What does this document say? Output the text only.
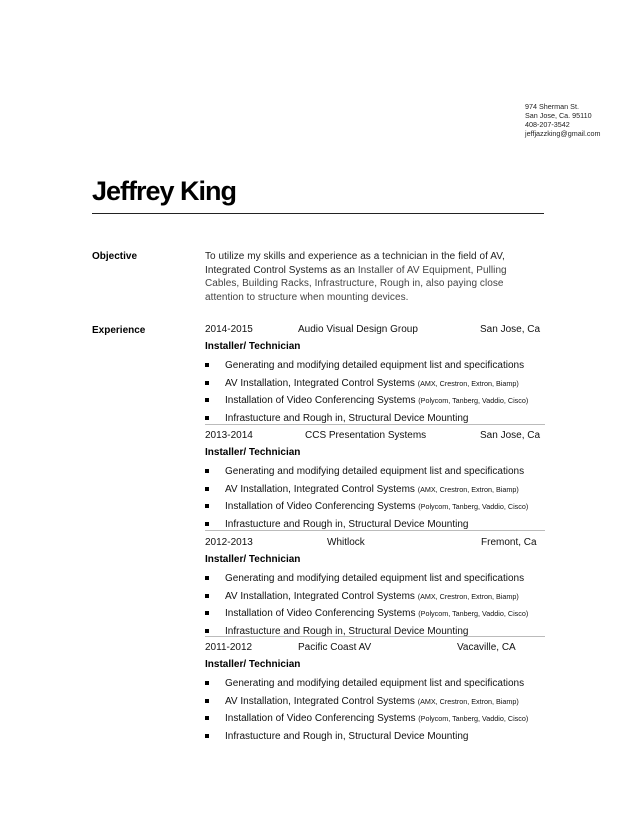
974 Sherman St.
San Jose, Ca. 95110
408-207-3542
jeffjazzking@gmail.com
Jeffrey King
Objective	To utilize my skills and experience as a technician in the field of AV, Integrated Control Systems as an Installer of AV Equipment, Pulling Cables, Building Racks, Infrastructure, Rough in, also paying close attention to structure when mounting devices.
Experience	2014-2015	Audio Visual Design Group	San Jose, Ca
Installer/ Technician
Generating and modifying detailed equipment list and specifications
AV Installation, Integrated Control Systems (AMX, Crestron, Extron, Biamp)
Installation of Video Conferencing Systems (Polycom, Tanberg, Vaddio, Cisco)
Infrastucture and Rough in, Structural Device Mounting
2013-2014	CCS Presentation Systems	San Jose, Ca
Installer/ Technician
Generating and modifying detailed equipment list and specifications
AV Installation, Integrated Control Systems (AMX, Crestron, Extron, Biamp)
Installation of Video Conferencing Systems (Polycom, Tanberg, Vaddio, Cisco)
Infrastucture and Rough in, Structural Device Mounting
2012-2013	Whitlock	Fremont, Ca
Installer/ Technician
Generating and modifying detailed equipment list and specifications
AV Installation, Integrated Control Systems (AMX, Crestron, Extron, Biamp)
Installation of Video Conferencing Systems (Polycom, Tanberg, Vaddio, Cisco)
Infrastucture and Rough in, Structural Device Mounting
2011-2012	Pacific Coast AV	Vacaville, CA
Installer/ Technician
Generating and modifying detailed equipment list and specifications
AV Installation, Integrated Control Systems (AMX, Crestron, Extron, Biamp)
Installation of Video Conferencing Systems (Polycom, Tanberg, Vaddio, Cisco)
Infrastucture and Rough in, Structural Device Mounting
